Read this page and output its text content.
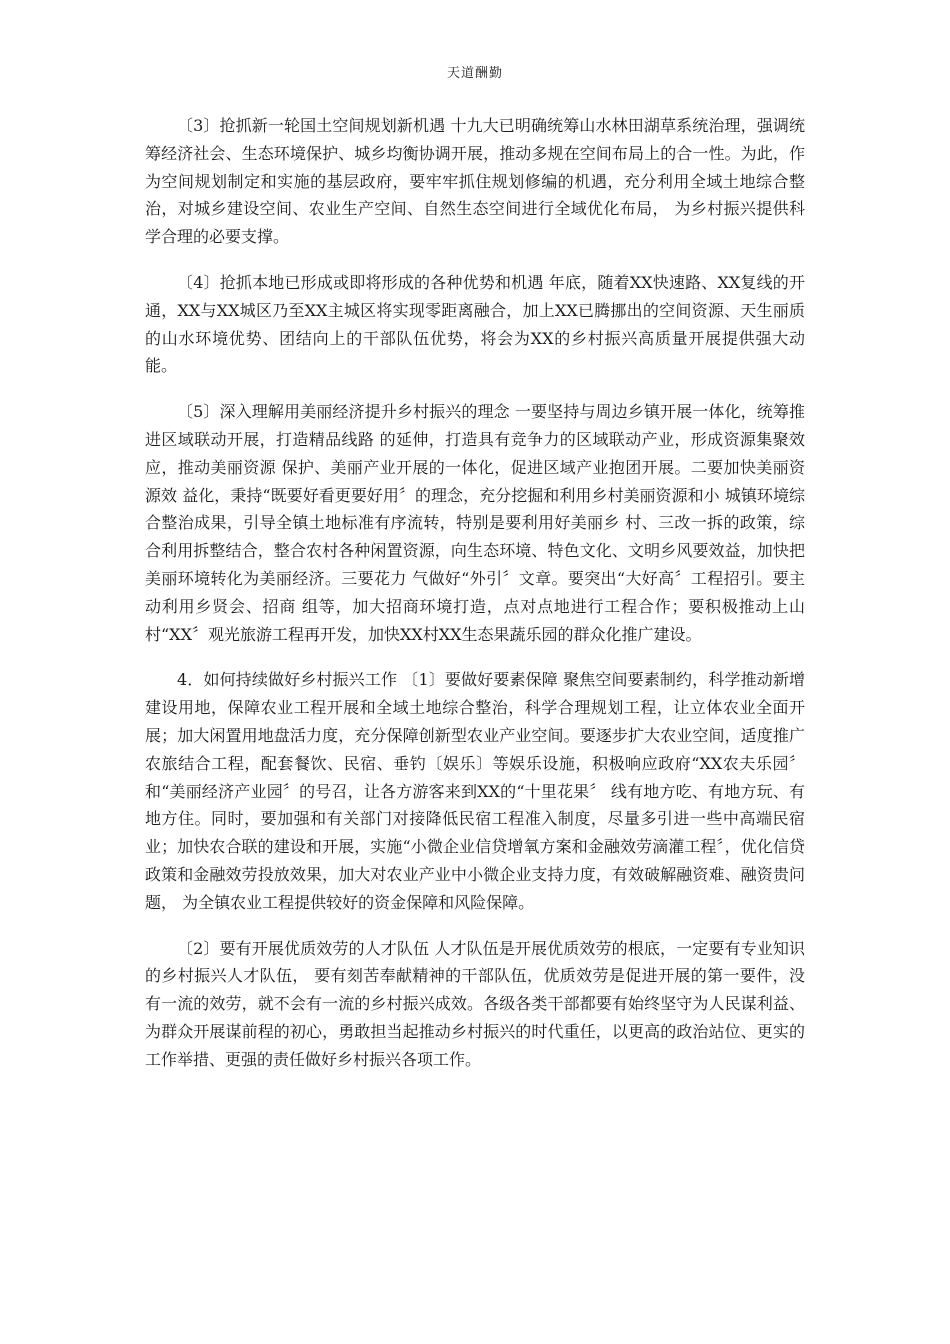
天道酬勤

〔3〕抢抓新一轮国土空间规划新机遇 十九大已明确统筹山水林田湖草系统治理，强调统筹经济社会、生态环境保护、城乡均衡协调开展，推动多规在空间布局上的合一性。为此，作为空间规划制定和实施的基层政府，要牢牢抓住规划修编的机遇，充分利用全域土地综合整治，对城乡建设空间、农业生产空间、自然生态空间进行全域优化布局， 为乡村振兴提供科学合理的必要支撑。

〔4〕抢抓本地已形成或即将形成的各种优势和机遇 年底，随着XX快速路、XX复线的开通，XX与XX城区乃至XX主城区将实现零距离融合，加上XX已腾挪出的空间资源、天生丽质的山水环境优势、团结向上的干部队伍优势，将会为XX的乡村振兴高质量开展提供强大动能。

〔5〕深入理解用美丽经济提升乡村振兴的理念 一要坚持与周边乡镇开展一体化，统筹推进区域联动开展，打造精品线路 的延伸，打造具有竞争力的区域联动产业，形成资源集聚效应，推动美丽资源 保护、美丽产业开展的一体化，促进区域产业抱团开展。二要加快美丽资源效 益化，秉持“既要好看更要好用〞的理念，充分挖掘和利用乡村美丽资源和小 城镇环境综合整治成果，引导全镇土地标准有序流转，特别是要利用好美丽乡 村、三改一拆的政策，综合利用拆整结合，整合农村各种闲置资源，向生态环境、特色文化、文明乡风要效益，加快把美丽环境转化为美丽经济。三要花力 气做好“外引〞文章。要突出“大好高〞工程招引。要主动利用乡贤会、招商 组等，加大招商环境打造，点对点地进行工程合作；要积极推动上山村“XX〞观光旅游工程再开发，加快XX村XX生态果蔬乐园的群众化推广建设。

4．如何持续做好乡村振兴工作 〔1〕要做好要素保障 聚焦空间要素制约，科学推动新增建设用地，保障农业工程开展和全域土地综合整治，科学合理规划工程，让立体农业全面开展；加大闲置用地盘活力度，充分保障创新型农业产业空间。要逐步扩大农业空间，适度推广农旅结合工程，配套餐饮、民宿、垂钓〔娱乐〕等娱乐设施，积极响应政府“XX农夫乐园〞和“美丽经济产业园〞的号召，让各方游客来到XX的“十里花果〞 线有地方吃、有地方玩、有地方住。同时，要加强和有关部门对接降低民宿工程准入制度，尽量多引进一些中高端民宿业；加快农合联的建设和开展，实施“小微企业信贷增氧方案和金融效劳滴灌工程〞，优化信贷政策和金融效劳投放效果，加大对农业产业中小微企业支持力度，有效破解融资难、融资贵问题， 为全镇农业工程提供较好的资金保障和风险保障。

〔2〕要有开展优质效劳的人才队伍 人才队伍是开展优质效劳的根底，一定要有专业知识的乡村振兴人才队伍， 要有刻苦奉献精神的干部队伍，优质效劳是促进开展的第一要件，没有一流的效劳，就不会有一流的乡村振兴成效。各级各类干部都要有始终坚守为人民谋利益、为群众开展谋前程的初心，勇敢担当起推动乡村振兴的时代重任，以更高的政治站位、更实的工作举措、更强的责任做好乡村振兴各项工作。
